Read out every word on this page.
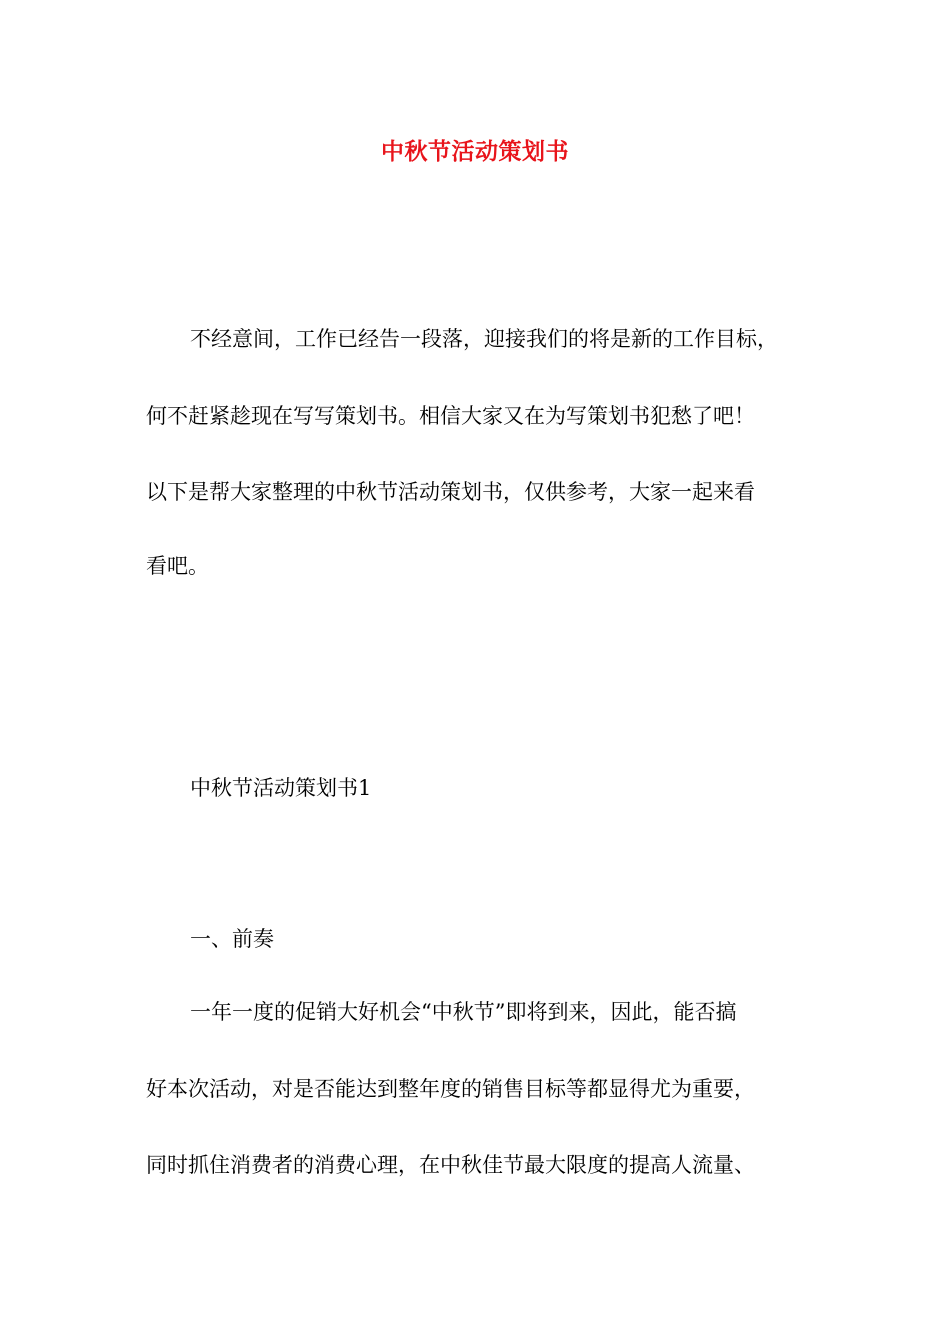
中秋节活动策划书

不经意间，工作已经告一段落，迎接我们的将是新的工作目标，

何不赶紧趁现在写写策划书。相信大家又在为写策划书犯愁了吧！

以下是帮大家整理的中秋节活动策划书，仅供参考，大家一起来看

看吧。

中秋节活动策划书1

一、前奏

一年一度的促销大好机会“中秋节”即将到来，因此，能否搞

好本次活动，对是否能达到整年度的销售目标等都显得尤为重要，

同时抓住消费者的消费心理，在中秋佳节最大限度的提高人流量、
